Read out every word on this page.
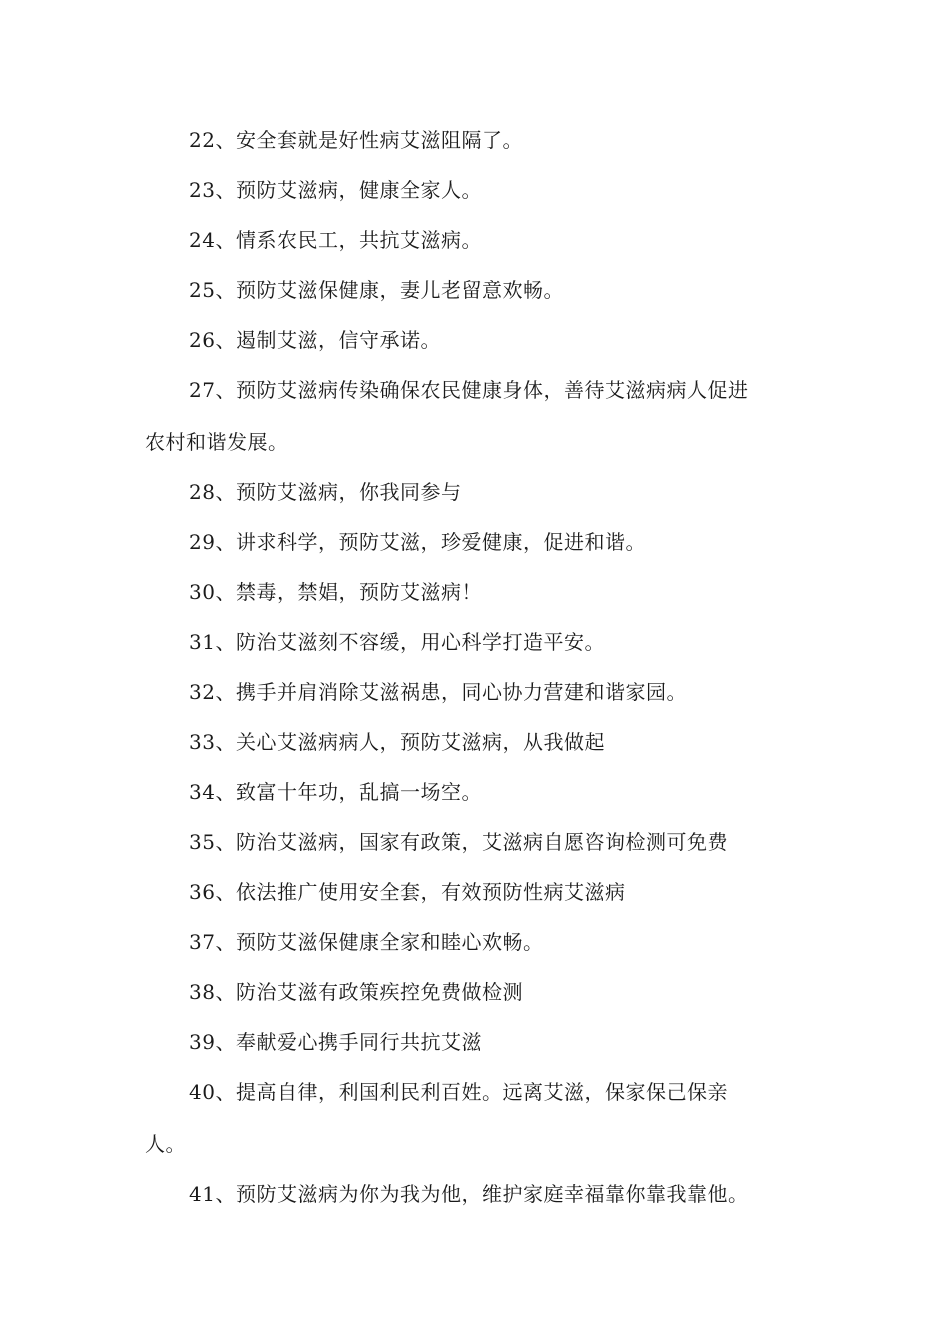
22、安全套就是好性病艾滋阻隔了。
23、预防艾滋病，健康全家人。
24、情系农民工，共抗艾滋病。
25、预防艾滋保健康，妻儿老留意欢畅。
26、遏制艾滋，信守承诺。
27、预防艾滋病传染确保农民健康身体，善待艾滋病病人促进
农村和谐发展。
28、预防艾滋病，你我同参与
29、讲求科学，预防艾滋，珍爱健康，促进和谐。
30、禁毒，禁娼，预防艾滋病！
31、防治艾滋刻不容缓，用心科学打造平安。
32、携手并肩消除艾滋祸患，同心协力营建和谐家园。
33、关心艾滋病病人，预防艾滋病，从我做起
34、致富十年功，乱搞一场空。
35、防治艾滋病，国家有政策，艾滋病自愿咨询检测可免费
36、依法推广使用安全套，有效预防性病艾滋病
37、预防艾滋保健康全家和睦心欢畅。
38、防治艾滋有政策疾控免费做检测
39、奉献爱心携手同行共抗艾滋
40、提高自律，利国利民利百姓。远离艾滋，保家保己保亲
人。
41、预防艾滋病为你为我为他，维护家庭幸福靠你靠我靠他。
